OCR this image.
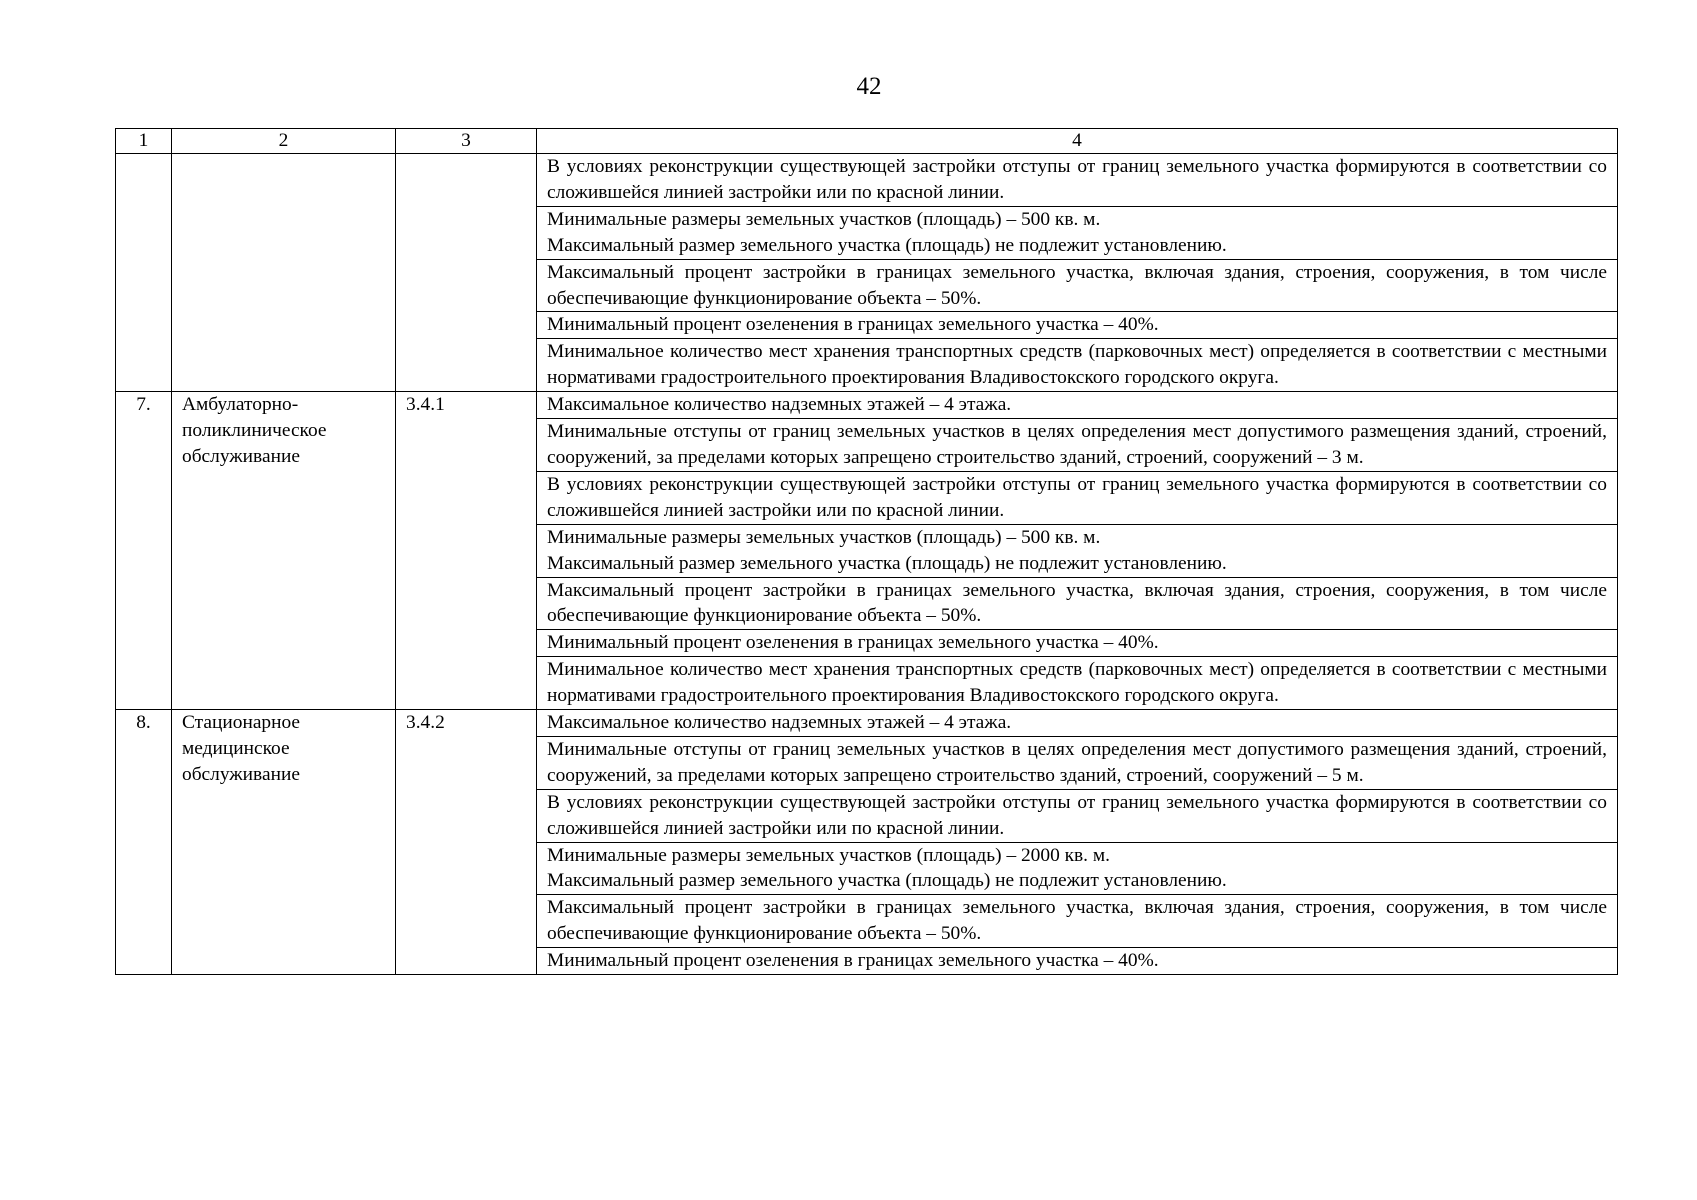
42
1	2	3	4
			В условиях реконструкции существующей застройки отступы от границ земельного участка формируются в соответствии со сложившейся линией застройки или по красной линии.
			Минимальные размеры земельных участков (площадь) – 500 кв. м.
Максимальный размер земельного участка (площадь) не подлежит установлению.
			Максимальный процент застройки в границах земельного участка, включая здания, строения, сооружения, в том числе обеспечивающие функционирование объекта – 50%.
			Минимальный процент озеленения в границах земельного участка – 40%.
			Минимальное количество мест хранения транспортных средств (парковочных мест) определяется в соответствии с местными нормативами градостроительного проектирования Владивостокского городского округа.
7.	Амбулаторно-
поликлиническое
обслуживание	3.4.1	Максимальное количество надземных этажей – 4 этажа.
			Минимальные отступы от границ земельных участков в целях определения мест допустимого размещения зданий, строений, сооружений, за пределами которых запрещено строительство зданий, строений, сооружений – 3 м.
			В условиях реконструкции существующей застройки отступы от границ земельного участка формируются в соответствии со сложившейся линией застройки или по красной линии.
			Минимальные размеры земельных участков (площадь) – 500 кв. м.
Максимальный размер земельного участка (площадь) не подлежит установлению.
			Максимальный процент застройки в границах земельного участка, включая здания, строения, сооружения, в том числе обеспечивающие функционирование объекта – 50%.
			Минимальный процент озеленения в границах земельного участка – 40%.
			Минимальное количество мест хранения транспортных средств (парковочных мест) определяется в соответствии с местными нормативами градостроительного проектирования Владивостокского городского округа.
8.	Стационарное
медицинское
обслуживание	3.4.2	Максимальное количество надземных этажей – 4 этажа.
			Минимальные отступы от границ земельных участков в целях определения мест допустимого размещения зданий, строений, сооружений, за пределами которых запрещено строительство зданий, строений, сооружений – 5 м.
			В условиях реконструкции существующей застройки отступы от границ земельного участка формируются в соответствии со сложившейся линией застройки или по красной линии.
			Минимальные размеры земельных участков (площадь) – 2000 кв. м.
Максимальный размер земельного участка (площадь) не подлежит установлению.
			Максимальный процент застройки в границах земельного участка, включая здания, строения, сооружения, в том числе обеспечивающие функционирование объекта – 50%.
			Минимальный процент озеленения в границах земельного участка – 40%.
